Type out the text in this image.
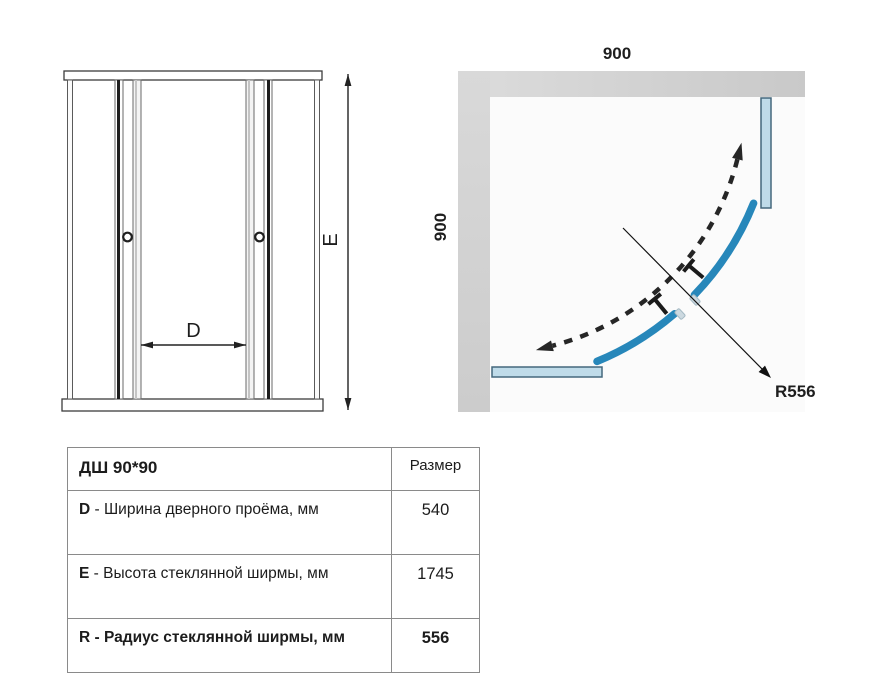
D
E
900
900
R556
ДШ 90*90	Размер
D - Ширина дверного проёма, мм	540
E - Высота стеклянной ширмы, мм	1745
R - Радиус стеклянной ширмы, мм	556
